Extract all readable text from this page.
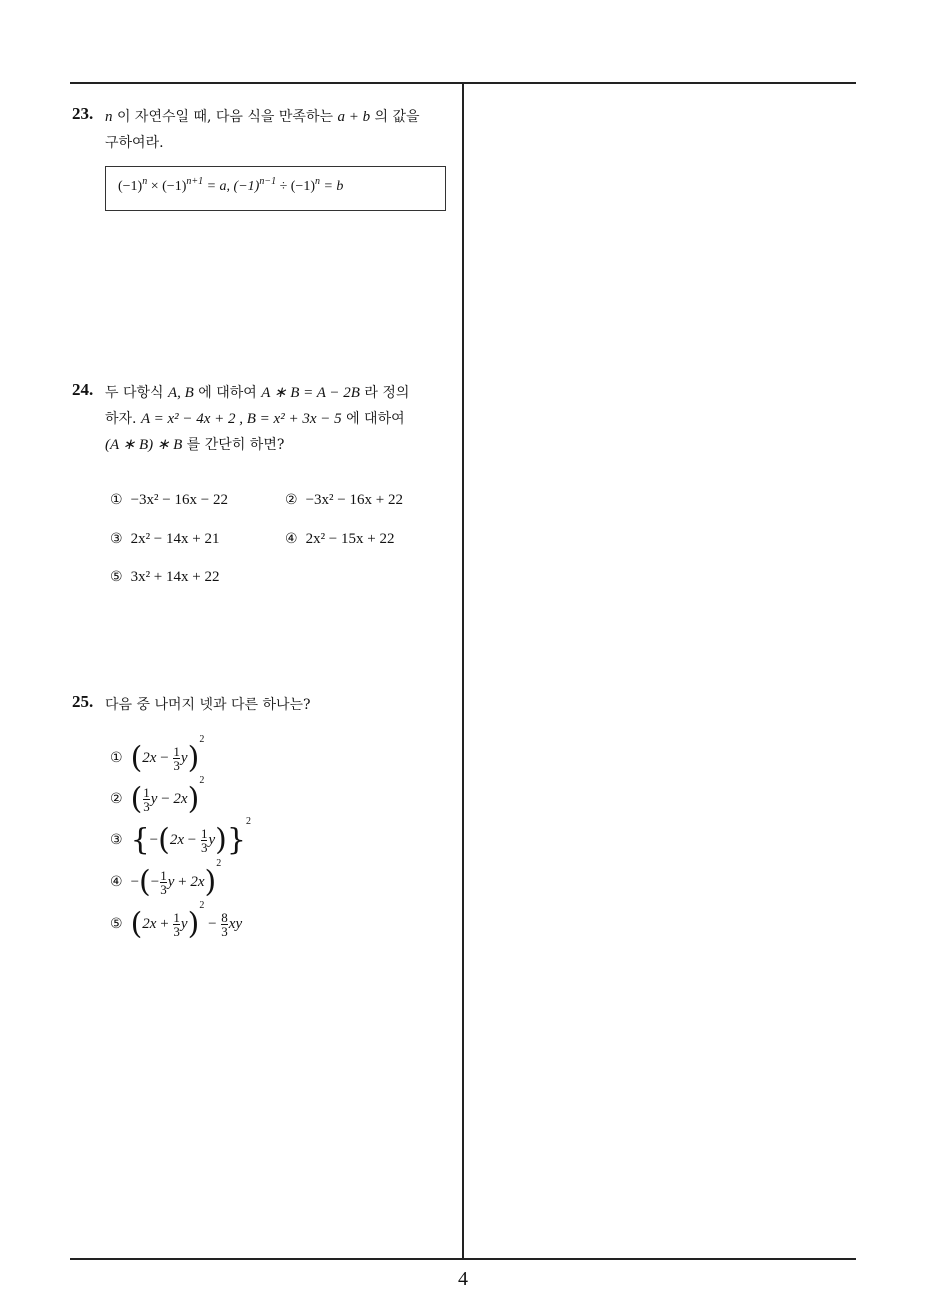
23. n 이 자연수일 때, 다음 식을 만족하는 a + b 의 값을
구하여라.
$(-1)^n \times (-1)^{n+1} = a$, $(-1)^{n-1} \div (-1)^n = b$
24. 두 다항식 A, B 에 대하여 A ∗ B = A − 2B 라 정의
하자. A = x² − 4x + 2 , B = x² + 3x − 5 에 대하여
(A ∗ B) ∗ B 를 간단히 하면?
① −3x² − 16x − 22	② −3x² − 16x + 22
③ 2x² − 14x + 21	④ 2x² − 15x + 22
⑤ 3x² + 14x + 22
25. 다음 중 나머지 넷과 다른 하나는?
① $(2x - \frac{1}{3} y)^2$
② ( $\frac{1}{3}$ y − 2x)$^2$
③ $\{-(2x - \frac{1}{3} y)\}^2$
④ −(− $\frac{1}{3}$ y + 2x)$^2$
⑤ $(2x + \frac{1}{3} y)^2 - \frac{8}{3}$ xy
4
